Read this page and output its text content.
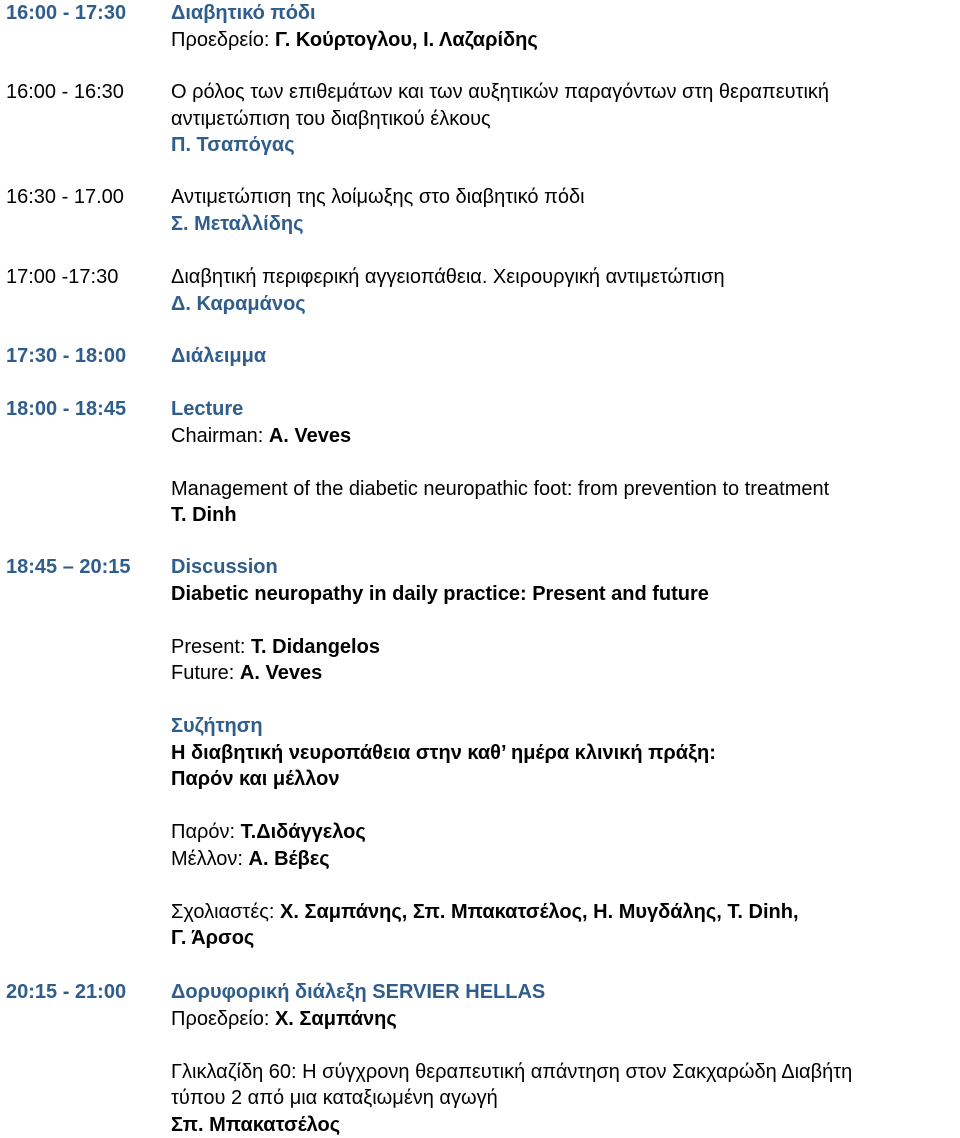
16:00 - 17:30 Διαβητικό πόδι
Προεδρείο: Γ. Κούρτογλου, Ι. Λαζαρίδης
16:00 - 16:30 Ο ρόλος των επιθεμάτων και των αυξητικών παραγόντων στη θεραπευτική
αντιμετώπιση του διαβητικού έλκους
Π. Τσαπόγας
16:30 - 17.00 Αντιμετώπιση της λοίμωξης στο διαβητικό πόδι
Σ. Μεταλλίδης
17:00 -17:30	Διαβητική περιφερική αγγειοπάθεια. Χειρουργική αντιμετώπιση
Δ. Καραμάνος
17:30 - 18:00 Διάλειμμα
18:00 - 18:45 Lecture
Chairman: A. Veves
Management of the diabetic neuropathic foot: from prevention to treatment
T. Dinh
18:45 – 20:15 Discussion
Diabetic neuropathy in daily practice: Present and future
Present: T. Didangelos
Future: A. Veves
Συζήτηση
Η διαβητική νευροπάθεια στην καθ’ ημέρα κλινική πράξη:
Παρόν και μέλλον
Παρόν: Τ.Διδάγγελος
Μέλλον: Α. Βέβες
Σχολιαστές: Χ. Σαμπάνης, Σπ. Μπακατσέλος, Η. Μυγδάλης, T. Dinh,
Γ. Άρσος
20:15 - 21:00 Δορυφορική διάλεξη SERVIER HELLAS
Προεδρείο: Χ. Σαμπάνης
Γλικλαζίδη 60: Η σύγχρονη θεραπευτική απάντηση στον Σακχαρώδη Διαβήτη
τύπου 2 από μια καταξιωμένη αγωγή
Σπ. Μπακατσέλος
